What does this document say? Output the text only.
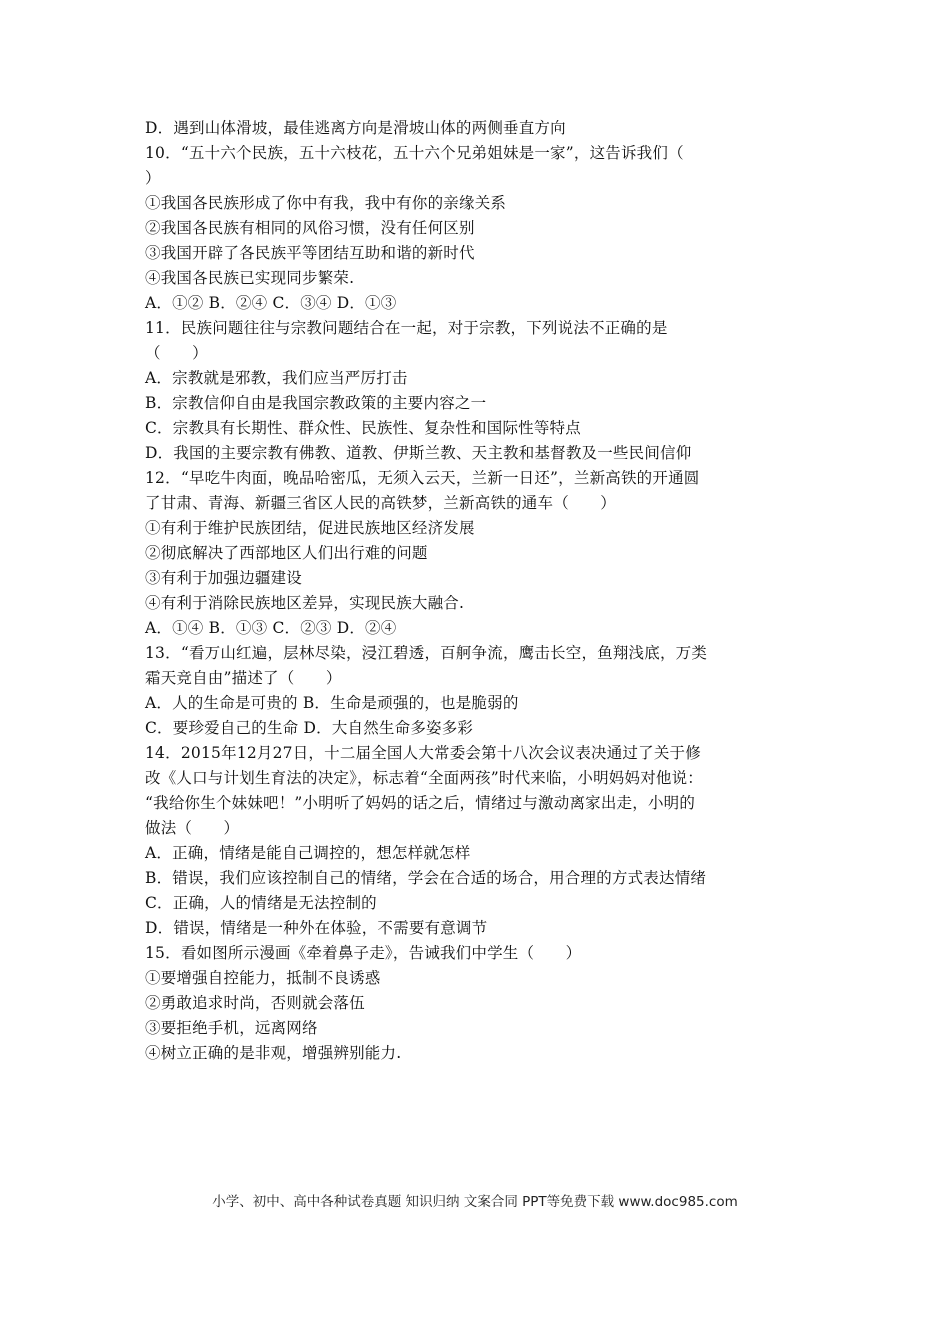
D．遇到山体滑坡，最佳逃离方向是滑坡山体的两侧垂直方向
10．“五十六个民族，五十六枝花，五十六个兄弟姐妹是一家”，这告诉我们（
）
①我国各民族形成了你中有我，我中有你的亲缘关系
②我国各民族有相同的风俗习惯，没有任何区别
③我国开辟了各民族平等团结互助和谐的新时代
④我国各民族已实现同步繁荣.
A．①② B．②④ C．③④ D．①③
11．民族问题往往与宗教问题结合在一起，对于宗教，下列说法不正确的是
（　　）
A．宗教就是邪教，我们应当严厉打击
B．宗教信仰自由是我国宗教政策的主要内容之一
C．宗教具有长期性、群众性、民族性、复杂性和国际性等特点
D．我国的主要宗教有佛教、道教、伊斯兰教、天主教和基督教及一些民间信仰
12．“早吃牛肉面，晚品哈密瓜，无须入云天，兰新一日还”，兰新高铁的开通圆
了甘肃、青海、新疆三省区人民的高铁梦，兰新高铁的通车（　　）
①有利于维护民族团结，促进民族地区经济发展
②彻底解决了西部地区人们出行难的问题
③有利于加强边疆建设
④有利于消除民族地区差异，实现民族大融合.
A．①④ B．①③ C．②③ D．②④
13．“看万山红遍，层林尽染，浸江碧透，百舸争流，鹰击长空，鱼翔浅底，万类
霜天竞自由”描述了（　　）
A．人的生命是可贵的 B．生命是顽强的，也是脆弱的
C．要珍爱自己的生命 D．大自然生命多姿多彩
14．2015年12月27日，十二届全国人大常委会第十八次会议表决通过了关于修
改《人口与计划生育法的决定》，标志着“全面两孩”时代来临，小明妈妈对他说：
“我给你生个妹妹吧！”小明听了妈妈的话之后，情绪过与激动离家出走，小明的
做法（　　）
A．正确，情绪是能自己调控的，想怎样就怎样
B．错误，我们应该控制自己的情绪，学会在合适的场合，用合理的方式表达情绪
C．正确，人的情绪是无法控制的
D．错误，情绪是一种外在体验，不需要有意调节
15．看如图所示漫画《牵着鼻子走》，告诫我们中学生（　　）
①要增强自控能力，抵制不良诱惑
②勇敢追求时尚，否则就会落伍
③要拒绝手机，远离网络
④树立正确的是非观，增强辨别能力.
小学、初中、高中各种试卷真题 知识归纳 文案合同 PPT等免费下载 www.doc985.com
